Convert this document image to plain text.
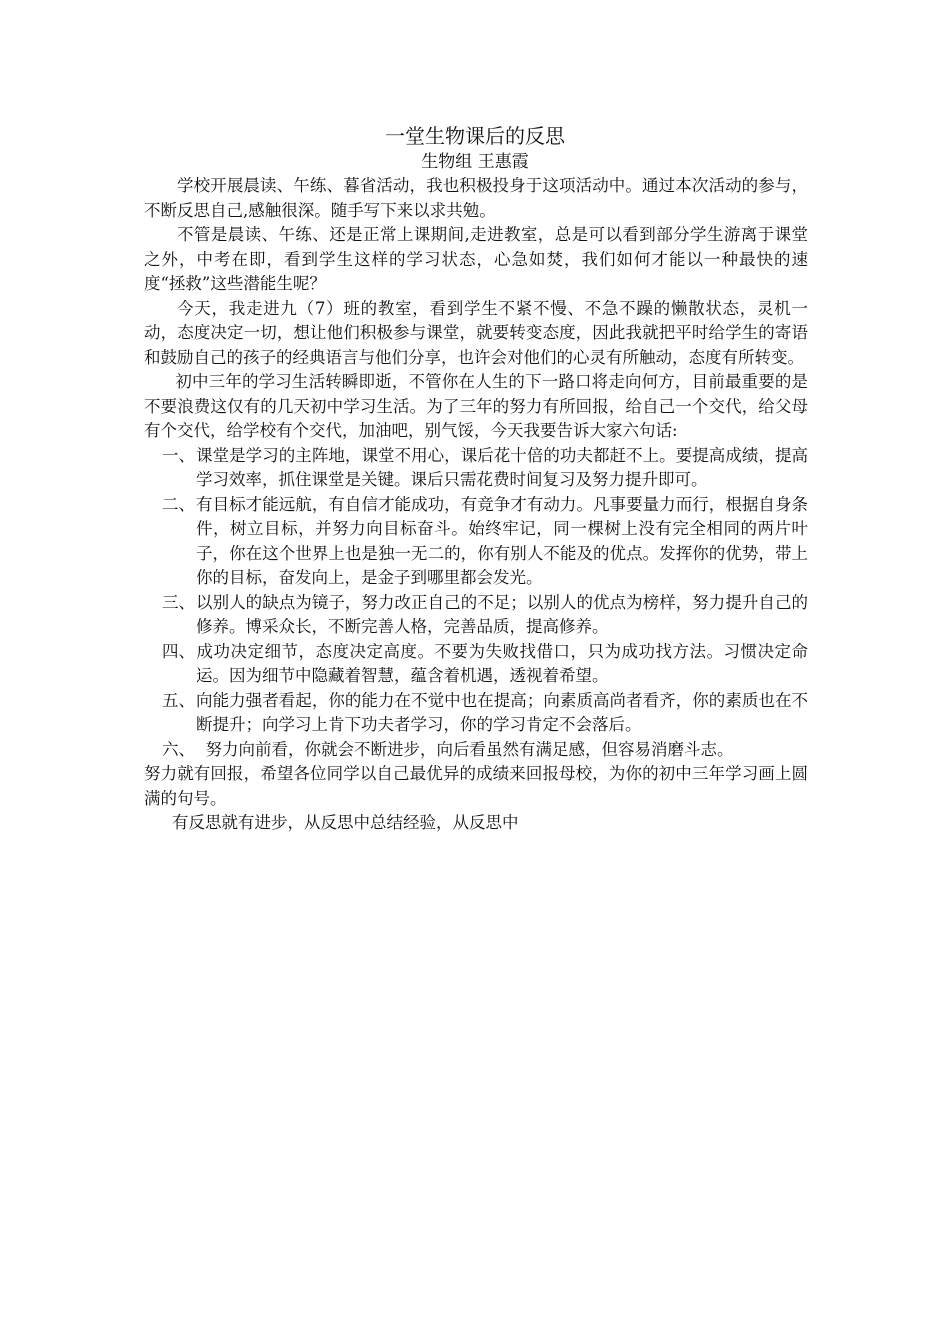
一堂生物课后的反思
生物组 王惠霞

学校开展晨读、午练、暮省活动，我也积极投身于这项活动中。通过本次活动的参与，不断反思自己,感触很深。随手写下来以求共勉。

不管是晨读、午练、还是正常上课期间,走进教室，总是可以看到部分学生游离于课堂之外，中考在即，看到学生这样的学习状态，心急如焚，我们如何才能以一种最快的速度“拯救”这些潜能生呢？

今天，我走进九（7）班的教室，看到学生不紧不慢、不急不躁的懒散状态，灵机一动，态度决定一切，想让他们积极参与课堂，就要转变态度，因此我就把平时给学生的寄语和鼓励自己的孩子的经典语言与他们分享，也许会对他们的心灵有所触动，态度有所转变。

初中三年的学习生活转瞬即逝，不管你在人生的下一路口将走向何方，目前最重要的是不要浪费这仅有的几天初中学习生活。为了三年的努力有所回报，给自己一个交代，给父母有个交代，给学校有个交代，加油吧，别气馁，今天我要告诉大家六句话:

一、课堂是学习的主阵地，课堂不用心，课后花十倍的功夫都赶不上。要提高成绩，提高学习效率，抓住课堂是关键。课后只需花费时间复习及努力提升即可。

二、有目标才能远航，有自信才能成功，有竞争才有动力。凡事要量力而行，根据自身条件，树立目标，并努力向目标奋斗。始终牢记，同一棵树上没有完全相同的两片叶子，你在这个世界上也是独一无二的，你有别人不能及的优点。发挥你的优势，带上你的目标，奋发向上，是金子到哪里都会发光。

三、以别人的缺点为镜子，努力改正自己的不足；以别人的优点为榜样，努力提升自己的修养。博采众长，不断完善人格，完善品质，提高修养。

四、成功决定细节，态度决定高度。不要为失败找借口，只为成功找方法。习惯决定命运。因为细节中隐藏着智慧，蕴含着机遇，透视着希望。

五、向能力强者看起，你的能力在不觉中也在提高；向素质高尚者看齐，你的素质也在不断提升；向学习上肯下功夫者学习，你的学习肯定不会落后。

六、 努力向前看，你就会不断进步，向后看虽然有满足感，但容易消磨斗志。

努力就有回报，希望各位同学以自己最优异的成绩来回报母校，为你的初中三年学习画上圆满的句号。

有反思就有进步，从反思中总结经验，从反思中
